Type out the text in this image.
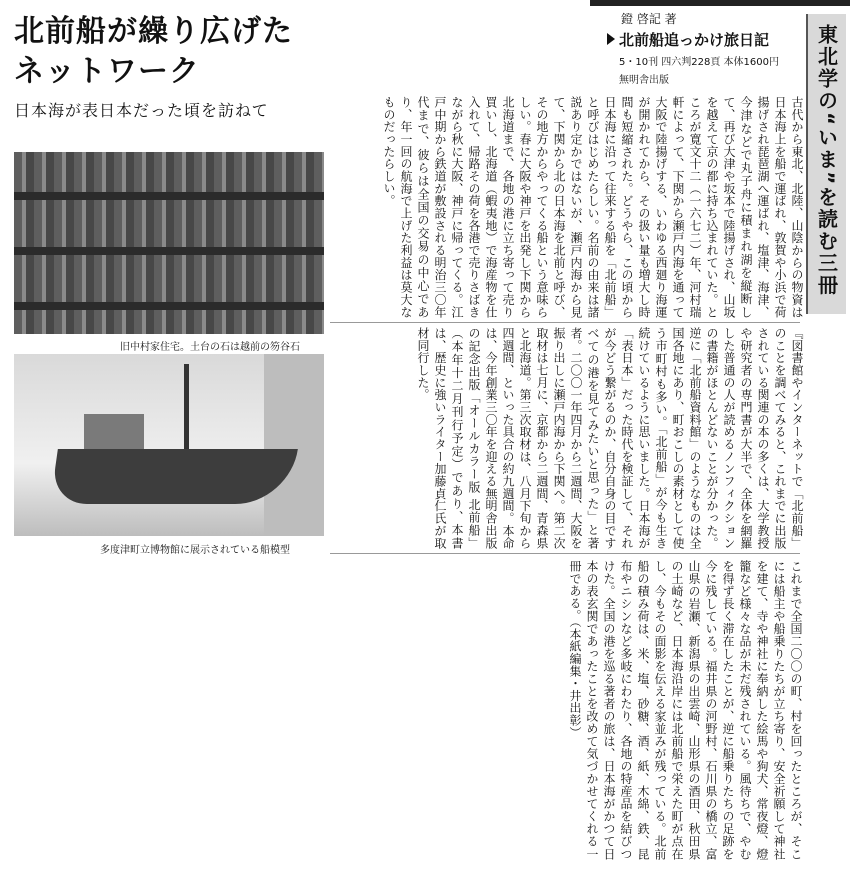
北前船が繰り広げた
ネットワーク
日本海が表日本だった頃を訪ねて
鐙 啓記 著
北前船追っかけ旅日記
5・10刊 四六判228頁 本体1600円
無明舎出版	東北学の“いま”を読む三冊
旧中村家住宅。土台の石は越前の笏谷石
多度津町立博物館に展示されている船模型
古代から東北、北陸、山陰からの物資は日本海上を船で運ばれ、敦賀や小浜で荷揚げされ琵琶湖へ運ばれ、塩津、海津、今津などで丸子舟に積まれ湖を縦断して、再び大津や坂本で陸揚げされ、山坂を越えて京の都に持ち込まれていた。ところが寛文十二（一六七二）年、河村瑞軒によって、下関から瀬戸内海を通って大阪で陸揚げする、いわゆる西廻り海運が開かれてから、その扱い量も増大し時間も短縮された。どうやら、この頃から日本海に沿って往来する船を「北前船」と呼びはじめたらしい。名前の由来は諸説あり定かではないが、瀬戸内海から見て、下関から北の日本海を北前と呼び、その地方からやってくる船という意味らしい。春に大阪や神戸を出発し下関から北海道まで、各地の港に立ち寄って売り買いし、北海道（蝦夷地）で海産物を仕入れて、帰路その荷を各港で売りさばきながら秋に大阪、神戸に帰ってくる。江戸中期から鉄道が敷設される明治三〇年代まで、彼らは全国の交易の中心であり、年一回の航海で上げた利益は莫大なものだったらしい。
『図書館やインターネットで「北前船」のことを調べてみると、これまでに出版されている関連の本の多くは、大学教授や研究者の専門書が大半で、全体を網羅した普通の人が読めるノンフィクションの書籍がほとんどないことが分かった。逆に「北前船資料館」のようなものは全国各地にあり、町おこしの素材として使う市町村も多い。「北前船」が今も生き続けているように思いました。日本海が「表日本」だった時代を検証して、それが今どう繋がるのか、自分自身の目ですべての港を見てみたいと思った」と著者。二〇〇一年四月から二週間、大阪を振り出しに瀬戸内海から下関へ。第二次取材は七月に、京都から二週間、青森県と北海道。第三次取材は、八月下旬から四週間、といった具合の約九週間。本命は、今年創業三〇年を迎える無明舎出版の記念出版「オールカラー版 北前船」（本年十二月刊行予定）であり、本書は、歴史に強いライター加藤貞仁氏が取材同行した。
これまで全国二〇〇の町、村を回ったところが、そこには船主や船乗りたちが立ち寄り、安全祈願して神社を建て、寺や神社に奉納した絵馬や狗犬、常夜燈、燈籠など様々な品が未だ残されている。風待ちで、やむを得ず長く滞在したことが、逆に船乗りたちの足跡を今に残している。福井県の河野村、石川県の橋立、富山県の岩瀬、新潟県の出雲崎、山形県の酒田、秋田県の土崎など、日本海沿岸には北前船で栄えた町が点在し、今もその面影を伝える家並みが残っている。北前船の積み荷は、米、塩、砂糖、酒、紙、木綿、鉄、昆布やニシンなど多岐にわたり、各地の特産品を結びつけた。全国の港を巡る著者の旅は、日本海がかつて日本の表玄関であったことを改めて気づかせてくれる一冊である。（本紙編集・井出彰）
